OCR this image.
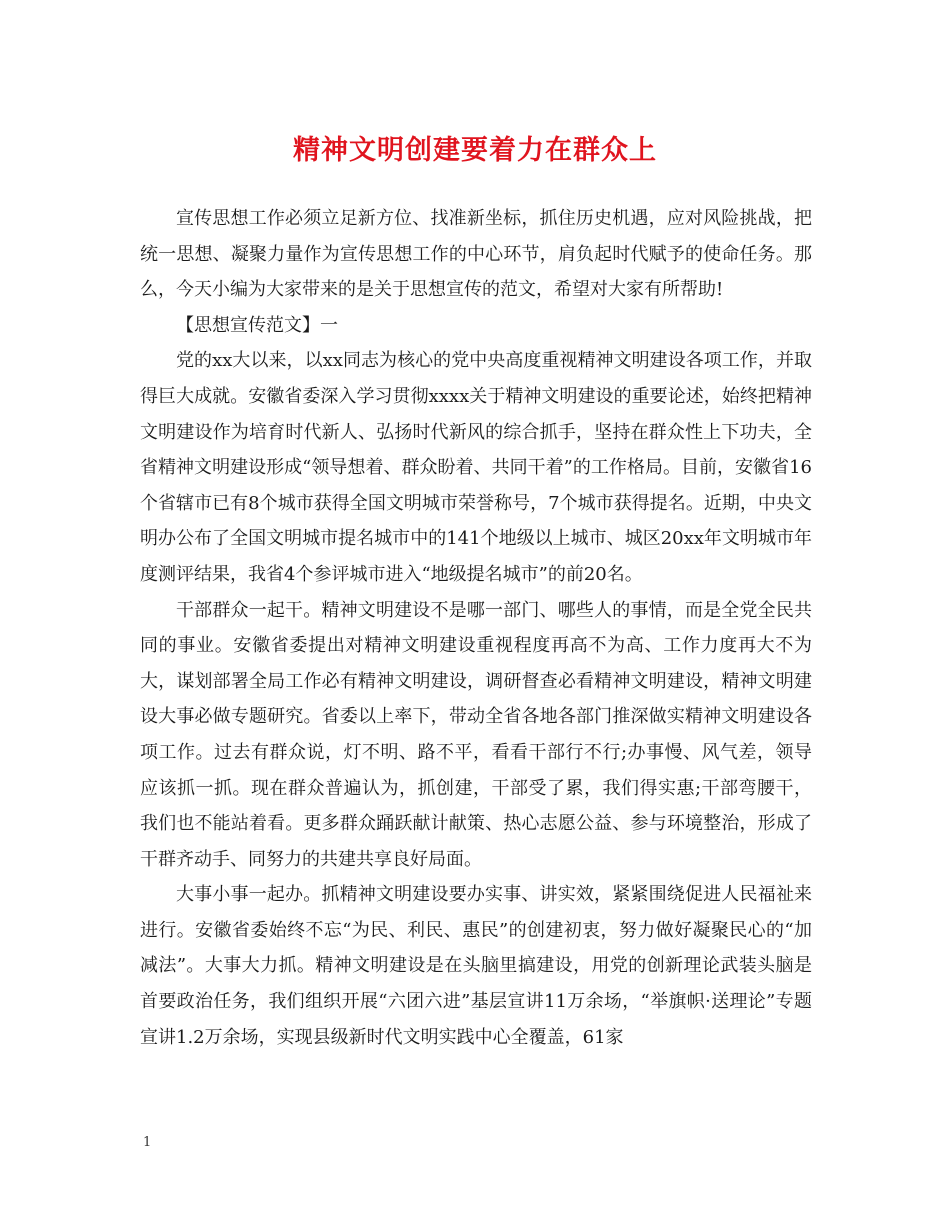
精神文明创建要着力在群众上

宣传思想工作必须立足新方位、找准新坐标，抓住历史机遇，应对风险挑战，把统一思想、凝聚力量作为宣传思想工作的中心环节，肩负起时代赋予的使命任务。那么，今天小编为大家带来的是关于思想宣传的范文，希望对大家有所帮助!

【思想宣传范文】一

党的xx大以来，以xx同志为核心的党中央高度重视精神文明建设各项工作，并取得巨大成就。安徽省委深入学习贯彻xxxx关于精神文明建设的重要论述，始终把精神文明建设作为培育时代新人、弘扬时代新风的综合抓手，坚持在群众性上下功夫，全省精神文明建设形成“领导想着、群众盼着、共同干着”的工作格局。目前，安徽省16个省辖市已有8个城市获得全国文明城市荣誉称号，7个城市获得提名。近期，中央文明办公布了全国文明城市提名城市中的141个地级以上城市、城区20xx年文明城市年度测评结果，我省4个参评城市进入“地级提名城市”的前20名。

干部群众一起干。精神文明建设不是哪一部门、哪些人的事情，而是全党全民共同的事业。安徽省委提出对精神文明建设重视程度再高不为高、工作力度再大不为大，谋划部署全局工作必有精神文明建设，调研督查必看精神文明建设，精神文明建设大事必做专题研究。省委以上率下，带动全省各地各部门推深做实精神文明建设各项工作。过去有群众说，灯不明、路不平，看看干部行不行;办事慢、风气差，领导应该抓一抓。现在群众普遍认为，抓创建，干部受了累，我们得实惠;干部弯腰干，我们也不能站着看。更多群众踊跃献计献策、热心志愿公益、参与环境整治，形成了干群齐动手、同努力的共建共享良好局面。

大事小事一起办。抓精神文明建设要办实事、讲实效，紧紧围绕促进人民福祉来进行。安徽省委始终不忘“为民、利民、惠民”的创建初衷，努力做好凝聚民心的“加减法”。大事大力抓。精神文明建设是在头脑里搞建设，用党的创新理论武装头脑是首要政治任务，我们组织开展“六团六进”基层宣讲11万余场，“举旗帜·送理论”专题宣讲1.2万余场，实现县级新时代文明实践中心全覆盖，61家

1
